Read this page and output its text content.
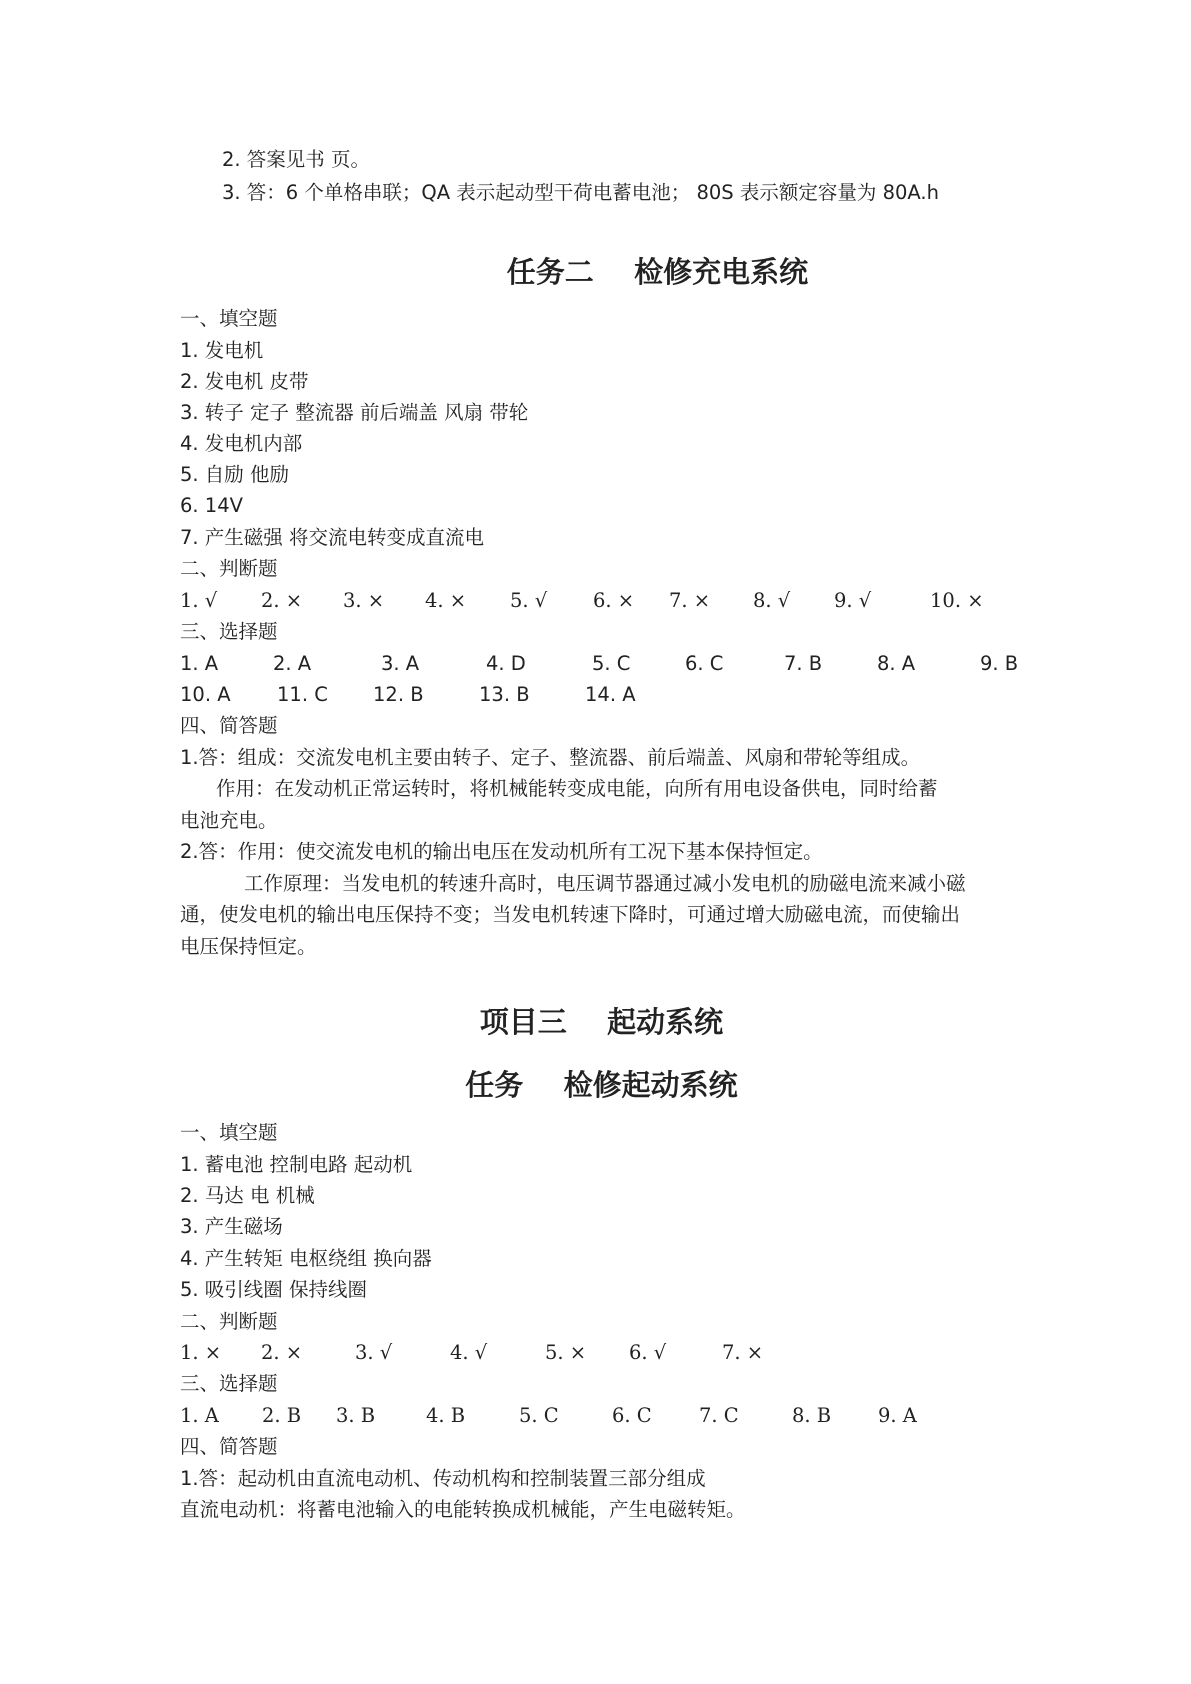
2. 答案见书 页。
3. 答：6 个单格串联；QA 表示起动型干荷电蓄电池； 80S 表示额定容量为 80A.h
任务二    检修充电系统
一、填空题
1. 发电机
2. 发电机 皮带
3. 转子 定子 整流器 前后端盖 风扇 带轮
4. 发电机内部
5. 自励 他励
6. 14V
7. 产生磁强 将交流电转变成直流电
二、判断题
1. √ 2. × 3. × 4. × 5. √ 6. × 7. × 8. √ 9. √	10. ×
三、选择题
1. A	2. A	3. A	4. D	5. C	6. C	7. B	8. A	9. B
10. A 11. C 12. B	13. B	14. A
四、简答题
1.答：组成：交流发电机主要由转子、定子、整流器、前后端盖、风扇和带轮等组成。
作用：在发动机正常运转时，将机械能转变成电能，向所有用电设备供电，同时给蓄
电池充电。
2.答：作用：使交流发电机的输出电压在发动机所有工况下基本保持恒定。
工作原理：当发电机的转速升高时，电压调节器通过减小发电机的励磁电流来减小磁
通，使发电机的输出电压保持不变；当发电机转速下降时，可通过增大励磁电流，而使输出
电压保持恒定。
项目三    起动系统
任务    检修起动系统
一、填空题
1. 蓄电池 控制电路 起动机
2. 马达 电 机械
3. 产生磁场
4. 产生转矩 电枢绕组 换向器
5. 吸引线圈 保持线圈
二、判断题
1. × 2. ×	3. √	4. √	5. × 6. √	7. ×
三、选择题
1. A 2. B 3. B	4. B	5. C	6. C 7. C	8. B 9. A
四、简答题
1.答：起动机由直流电动机、传动机构和控制装置三部分组成
直流电动机：将蓄电池输入的电能转换成机械能，产生电磁转矩。
